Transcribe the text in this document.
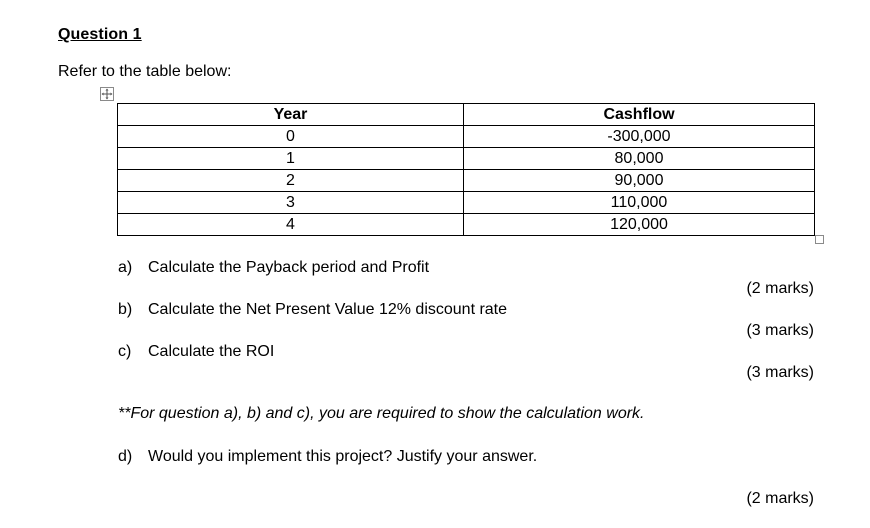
Question 1
Refer to the table below:
Year	Cashflow
0	-300,000
1	80,000
2	90,000
3	110,000
4	120,000
a) Calculate the Payback period and Profit
(2 marks)
b) Calculate the Net Present Value 12% discount rate
(3 marks)
c) Calculate the ROI
(3 marks)
**For question a), b) and c), you are required to show the calculation work.
d) Would you implement this project? Justify your answer.
(2 marks)
